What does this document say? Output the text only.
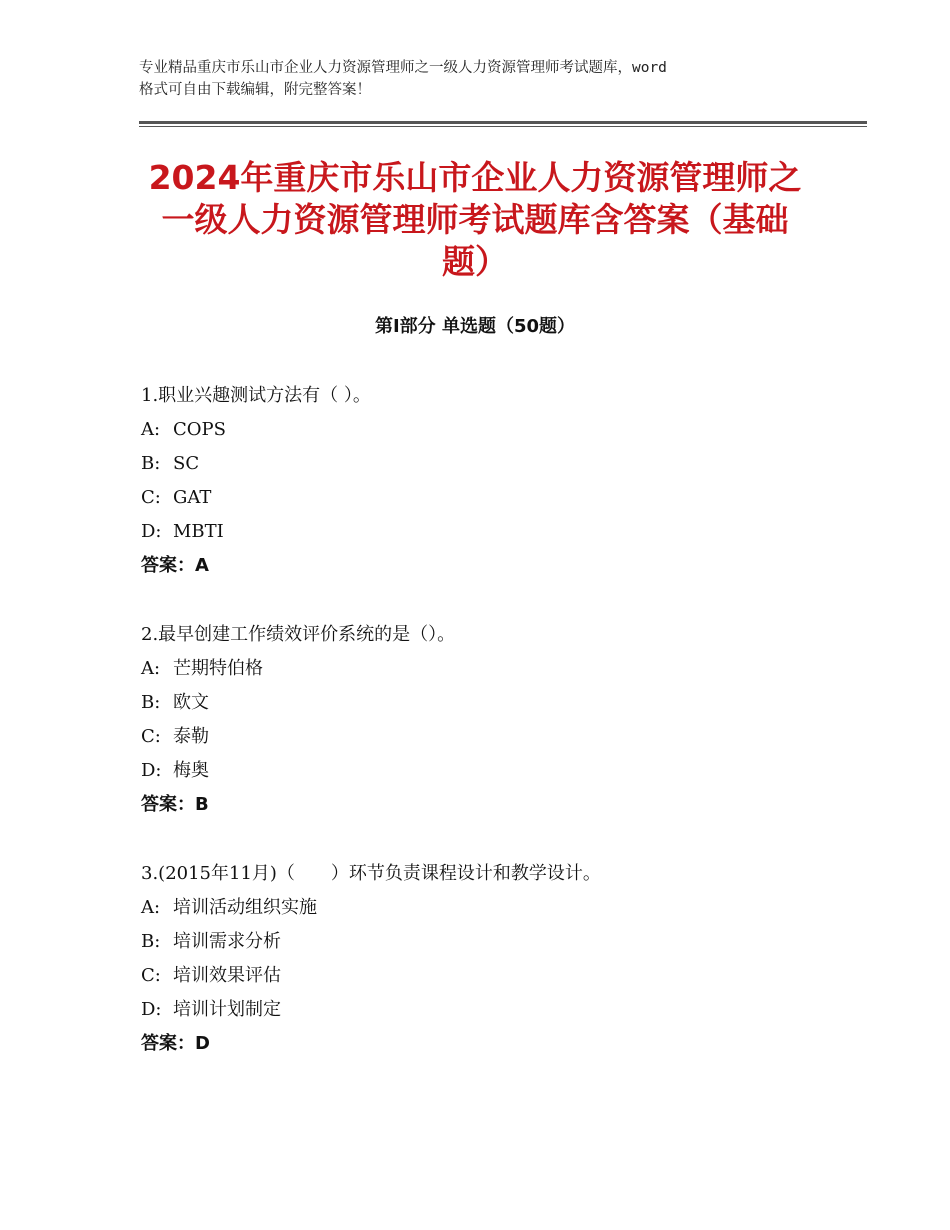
专业精品重庆市乐山市企业人力资源管理师之一级人力资源管理师考试题库，word
格式可自由下载编辑，附完整答案！
2024年重庆市乐山市企业人力资源管理师之
一级人力资源管理师考试题库含答案（基础
题）
第Ⅰ部分 单选题（50题）
1.职业兴趣测试方法有（ ）。
A: COPS
B: SC
C: GAT
D: MBTI
答案：A
2.最早创建工作绩效评价系统的是（）。
A: 芒期特伯格
B: 欧文
C: 泰勒
D: 梅奥
答案：B
3.(2015年11月)（　　）环节负责课程设计和教学设计。
A: 培训活动组织实施
B: 培训需求分析
C: 培训效果评估
D: 培训计划制定
答案：D
